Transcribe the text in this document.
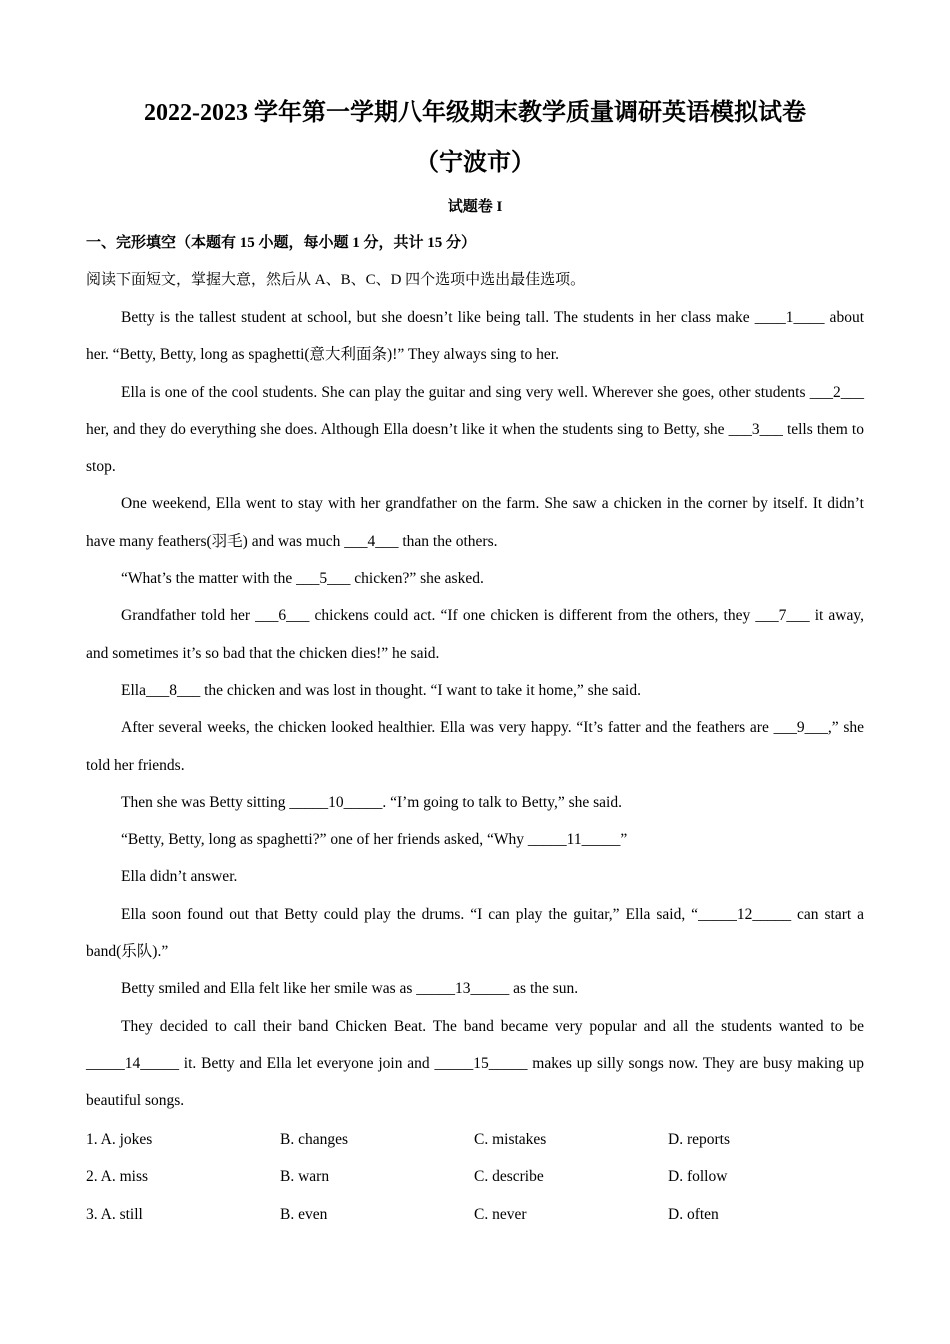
2022-2023 学年第一学期八年级期末教学质量调研英语模拟试卷
（宁波市）
试题卷 I
一、完形填空（本题有 15 小题，每小题 1 分，共计 15 分）
阅读下面短文，掌握大意，然后从 A、B、C、D 四个选项中选出最佳选项。

Betty is the tallest student at school, but she doesn’t like being tall. The students in her class make ____1____ about her. “Betty, Betty, long as spaghetti(意大利面条)!” They always sing to her.

Ella is one of the cool students. She can play the guitar and sing very well. Wherever she goes, other students ___2___ her, and they do everything she does. Although Ella doesn’t like it when the students sing to Betty, she ___3___ tells them to stop.

One weekend, Ella went to stay with her grandfather on the farm. She saw a chicken in the corner by itself. It didn’t have many feathers(羽毛) and was much ___4___ than the others.

“What’s the matter with the ___5___ chicken?” she asked.

Grandfather told her ___6___ chickens could act. “If one chicken is different from the others, they ___7___ it away, and sometimes it’s so bad that the chicken dies!” he said.

Ella___8___ the chicken and was lost in thought. “I want to take it home,” she said.

After several weeks, the chicken looked healthier. Ella was very happy. “It’s fatter and the feathers are ___9___,” she told her friends.

Then she was Betty sitting _____10_____. “I’m going to talk to Betty,” she said.

“Betty, Betty, long as spaghetti?” one of her friends asked, “Why _____11_____”

Ella didn’t answer.

Ella soon found out that Betty could play the drums. “I can play the guitar,” Ella said, “_____12_____ can start a band(乐队).”

Betty smiled and Ella felt like her smile was as _____13_____ as the sun.

They decided to call their band Chicken Beat. The band became very popular and all the students wanted to be _____14_____ it. Betty and Ella let everyone join and _____15_____ makes up silly songs now. They are busy making up beautiful songs.

1. A. jokes	B. changes	C. mistakes	D. reports
2. A. miss	B. warn	C. describe	D. follow
3. A. still	B. even	C. never	D. often
